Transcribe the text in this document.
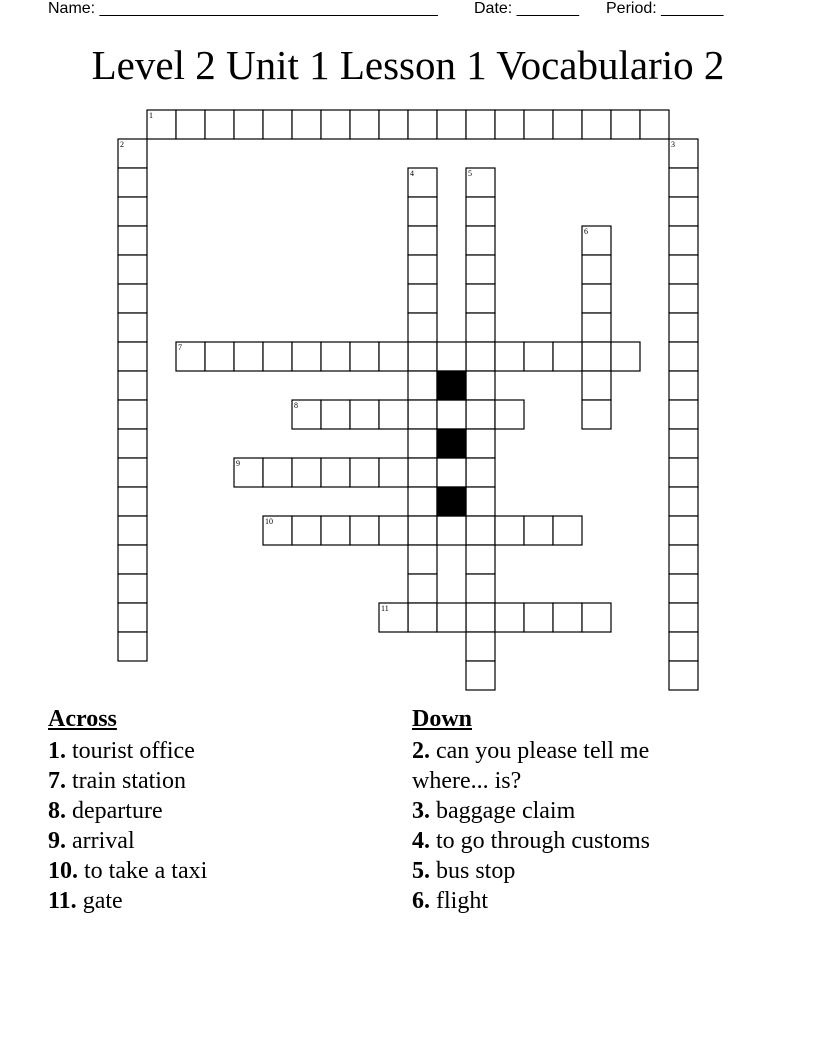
Name: ______________________________________ Date: _______ Period: _______
Level 2 Unit 1 Lesson 1 Vocabulario 2
1
2	3
4	5
6
7
8
9
10
11
Across

1. tourist office

7. train station

8. departure

9. arrival

10. to take a taxi

11. gate

Down

2. can you please tell me where... is?

3. baggage claim

4. to go through customs

5. bus stop

6. flight
